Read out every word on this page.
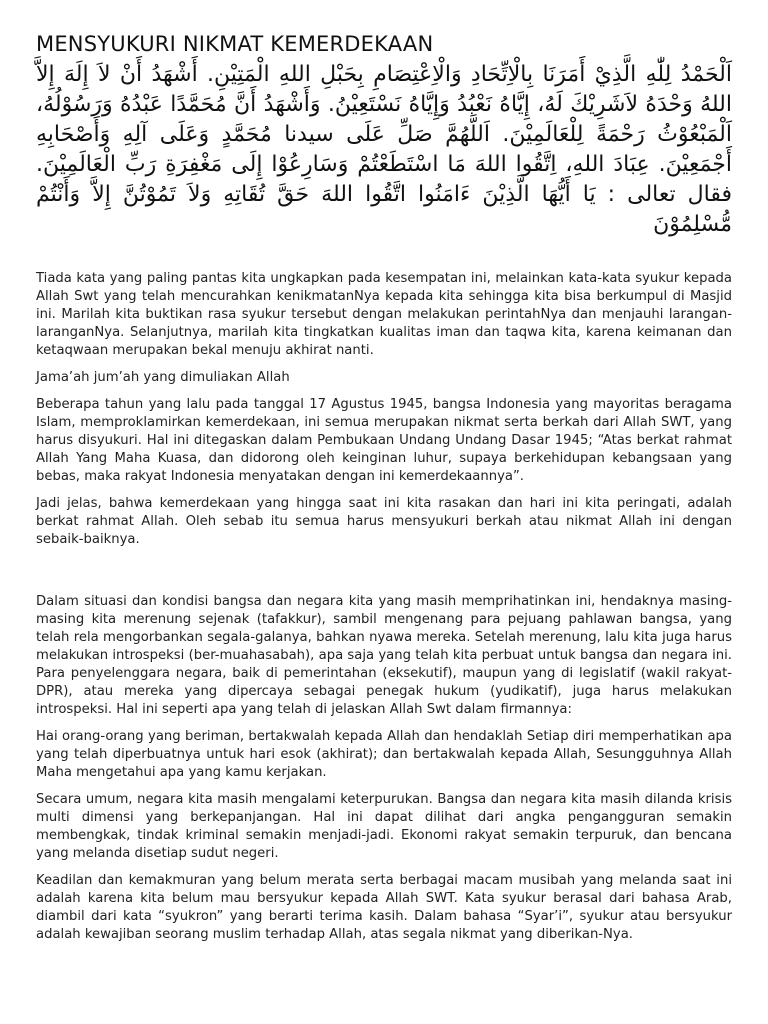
MENSYUKURI NIKMAT KEMERDEKAAN

اَلْحَمْدُ لِلّٰهِ الَّذِيْ أَمَرَنَا بِالْاِتِّحَادِ وَالْاِعْتِصَامِ بِحَبْلِ اللهِ الْمَتِيْنِ. أَشْهَدُ أَنْ لاَ إِلَهَ إِلاَّ اللهُ وَحْدَهُ لاَشَرِيْكَ لَهُ، إِيَّاهُ نَعْبُدُ وَإِيَّاهُ نَسْتَعِيْنُ. وَأَشْهَدُ أَنَّ مُحَمَّدًا عَبْدُهُ وَرَسُوْلُهُ، اَلْمَبْعُوْثُ رَحْمَةً لِلْعَالَمِيْنَ. اَللَّهُمَّ صَلِّ عَلَى سيدنا مُحَمَّدٍ وَعَلَى آلِهِ وَأَصْحَابِهِ أَجْمَعِيْنَ. عِبَادَ اللهِ، اِتَّقُوا اللهَ مَا اسْتَطَعْتُمْ وَسَارِعُوْا إِلَى مَغْفِرَةِ رَبِّ الْعَالَمِيْنَ. فقال تعالى : يَا أَيُّهَا الَّذِيْنَ ءَامَنُوا اتَّقُوا اللهَ حَقَّ تُقَاتِهِ وَلاَ تَمُوْتُنَّ إِلاَّ وَأَنْتُمْ مُّسْلِمُوْنَ

Tiada kata yang paling pantas kita ungkapkan pada kesempatan ini, melainkan kata-kata syukur kepada Allah Swt yang telah mencurahkan kenikmatanNya kepada kita sehingga kita bisa berkumpul di Masjid ini. Marilah kita buktikan rasa syukur tersebut dengan melakukan perintahNya dan menjauhi larangan-laranganNya. Selanjutnya, marilah kita tingkatkan kualitas iman dan taqwa kita, karena keimanan dan ketaqwaan merupakan bekal menuju akhirat nanti.

Jama’ah jum’ah yang dimuliakan Allah

Beberapa tahun yang lalu pada tanggal 17 Agustus 1945, bangsa Indonesia yang mayoritas beragama Islam, memproklamirkan kemerdekaan, ini semua merupakan nikmat serta berkah dari Allah SWT, yang harus disyukuri. Hal ini ditegaskan dalam Pembukaan Undang Undang Dasar 1945; “Atas berkat rahmat Allah Yang Maha Kuasa, dan didorong oleh keinginan luhur, supaya berkehidupan kebangsaan yang bebas, maka rakyat Indonesia menyatakan dengan ini kemerdekaannya”.

Jadi jelas, bahwa kemerdekaan yang hingga saat ini kita rasakan dan hari ini kita peringati, adalah berkat rahmat Allah. Oleh sebab itu semua harus mensyukuri berkah atau nikmat Allah ini dengan sebaik-baiknya.

Dalam situasi dan kondisi bangsa dan negara kita yang masih memprihatinkan ini, hendaknya masing-masing kita merenung sejenak (tafakkur), sambil mengenang para pejuang pahlawan bangsa, yang telah rela mengorbankan segala-galanya, bahkan nyawa mereka. Setelah merenung, lalu kita juga harus melakukan introspeksi (ber-muahasabah), apa saja yang telah kita perbuat untuk bangsa dan negara ini. Para penyelenggara negara, baik di pemerintahan (eksekutif), maupun yang di legislatif (wakil rakyat-DPR), atau mereka yang dipercaya sebagai penegak hukum (yudikatif), juga harus melakukan introspeksi. Hal ini seperti apa yang telah di jelaskan Allah Swt dalam firmannya:

Hai orang-orang yang beriman, bertakwalah kepada Allah dan hendaklah Setiap diri memperhatikan apa yang telah diperbuatnya untuk hari esok (akhirat); dan bertakwalah kepada Allah, Sesungguhnya Allah Maha mengetahui apa yang kamu kerjakan.

Secara umum, negara kita masih mengalami keterpurukan. Bangsa dan negara kita masih dilanda krisis multi dimensi yang berkepanjangan. Hal ini dapat dilihat dari angka pengangguran semakin membengkak, tindak kriminal semakin menjadi-jadi. Ekonomi rakyat semakin terpuruk, dan bencana yang melanda disetiap sudut negeri.

Keadilan dan kemakmuran yang belum merata serta berbagai macam musibah yang melanda saat ini adalah karena kita belum mau bersyukur kepada Allah SWT. Kata syukur berasal dari bahasa Arab, diambil dari kata “syukron” yang berarti terima kasih. Dalam bahasa “Syar’i”, syukur atau bersyukur adalah kewajiban seorang muslim terhadap Allah, atas segala nikmat yang diberikan-Nya.
